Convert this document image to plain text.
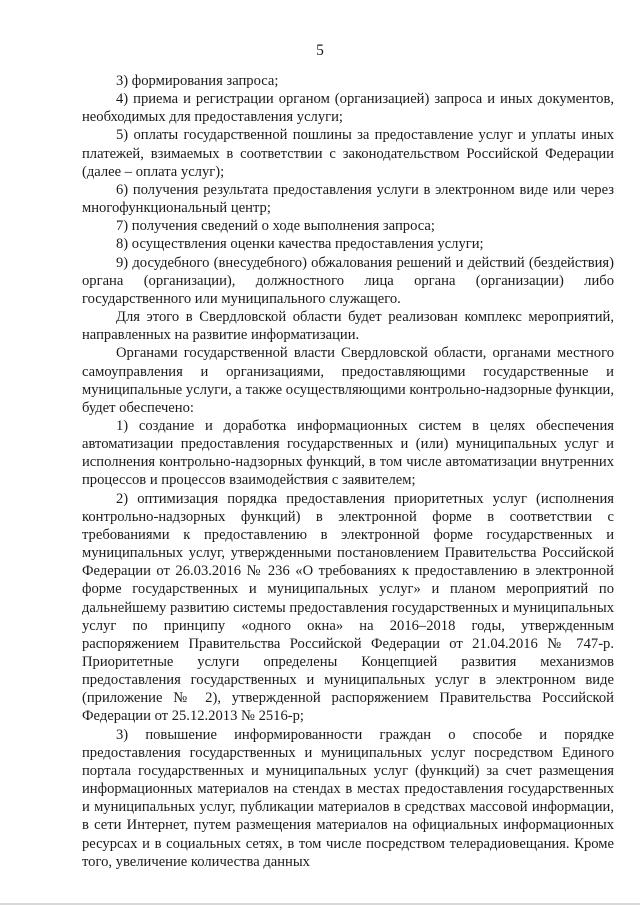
5

3) формирования запроса;

4) приема и регистрации органом (организацией) запроса и иных документов, необходимых для предоставления услуги;

5) оплаты государственной пошлины за предоставление услуг и уплаты иных платежей, взимаемых в соответствии с законодательством Российской Федерации (далее – оплата услуг);

6) получения результата предоставления услуги в электронном виде или через многофункциональный центр;

7) получения сведений о ходе выполнения запроса;

8) осуществления оценки качества предоставления услуги;

9) досудебного (внесудебного) обжалования решений и действий (бездействия) органа (организации), должностного лица органа (организации) либо государственного или муниципального служащего.

Для этого в Свердловской области будет реализован комплекс мероприятий, направленных на развитие информатизации.

Органами государственной власти Свердловской области, органами местного самоуправления и организациями, предоставляющими государственные и муниципальные услуги, а также осуществляющими контрольно-надзорные функции, будет обеспечено:

1) создание и доработка информационных систем в целях обеспечения автоматизации предоставления государственных и (или) муниципальных услуг и исполнения контрольно-надзорных функций, в том числе автоматизации внутренних процессов и процессов взаимодействия с заявителем;

2) оптимизация порядка предоставления приоритетных услуг (исполнения контрольно-надзорных функций) в электронной форме в соответствии с требованиями к предоставлению в электронной форме государственных и муниципальных услуг, утвержденными постановлением Правительства Российской Федерации от 26.03.2016 № 236 «О требованиях к предоставлению в электронной форме государственных и муниципальных услуг» и планом мероприятий по дальнейшему развитию системы предоставления государственных и муниципальных услуг по принципу «одного окна» на 2016–2018 годы, утвержденным распоряжением Правительства Российской Федерации от 21.04.2016 № 747-р. Приоритетные услуги определены Концепцией развития механизмов предоставления государственных и муниципальных услуг в электронном виде (приложение № 2), утвержденной распоряжением Правительства Российской Федерации от 25.12.2013 № 2516-р;

3) повышение информированности граждан о способе и порядке предоставления государственных и муниципальных услуг посредством Единого портала государственных и муниципальных услуг (функций) за счет размещения информационных материалов на стендах в местах предоставления государственных и муниципальных услуг, публикации материалов в средствах массовой информации, в сети Интернет, путем размещения материалов на официальных информационных ресурсах и в социальных сетях, в том числе посредством телерадиовещания. Кроме того, увеличение количества данных
